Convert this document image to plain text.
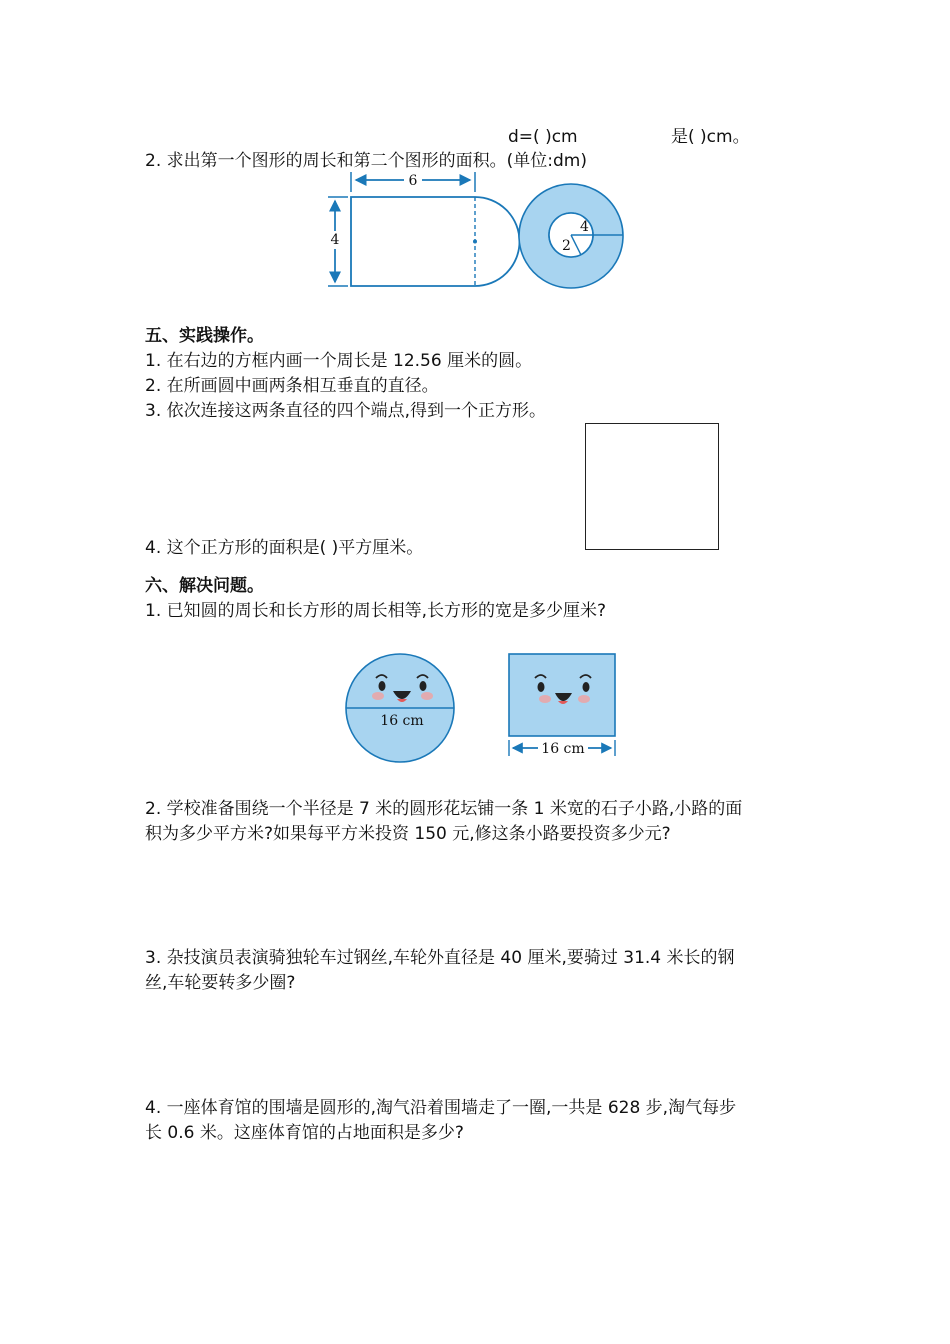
d=( )cm	是( )cm。
2. 求出第一个图形的周长和第二个图形的面积。(单位:dm)
6
4
4
2
五、实践操作。
1. 在右边的方框内画一个周长是 12.56 厘米的圆。
2. 在所画圆中画两条相互垂直的直径。
3. 依次连接这两条直径的四个端点,得到一个正方形。
4. 这个正方形的面积是( )平方厘米。
六、解决问题。
1. 已知圆的周长和长方形的周长相等,长方形的宽是多少厘米?
16 cm
16 cm
2. 学校准备围绕一个半径是 7 米的圆形花坛铺一条 1 米宽的石子小路,小路的面
积为多少平方米?如果每平方米投资 150 元,修这条小路要投资多少元?
3. 杂技演员表演骑独轮车过钢丝,车轮外直径是 40 厘米,要骑过 31.4 米长的钢
丝,车轮要转多少圈?
4. 一座体育馆的围墙是圆形的,淘气沿着围墙走了一圈,一共是 628 步,淘气每步
长 0.6 米。这座体育馆的占地面积是多少?
